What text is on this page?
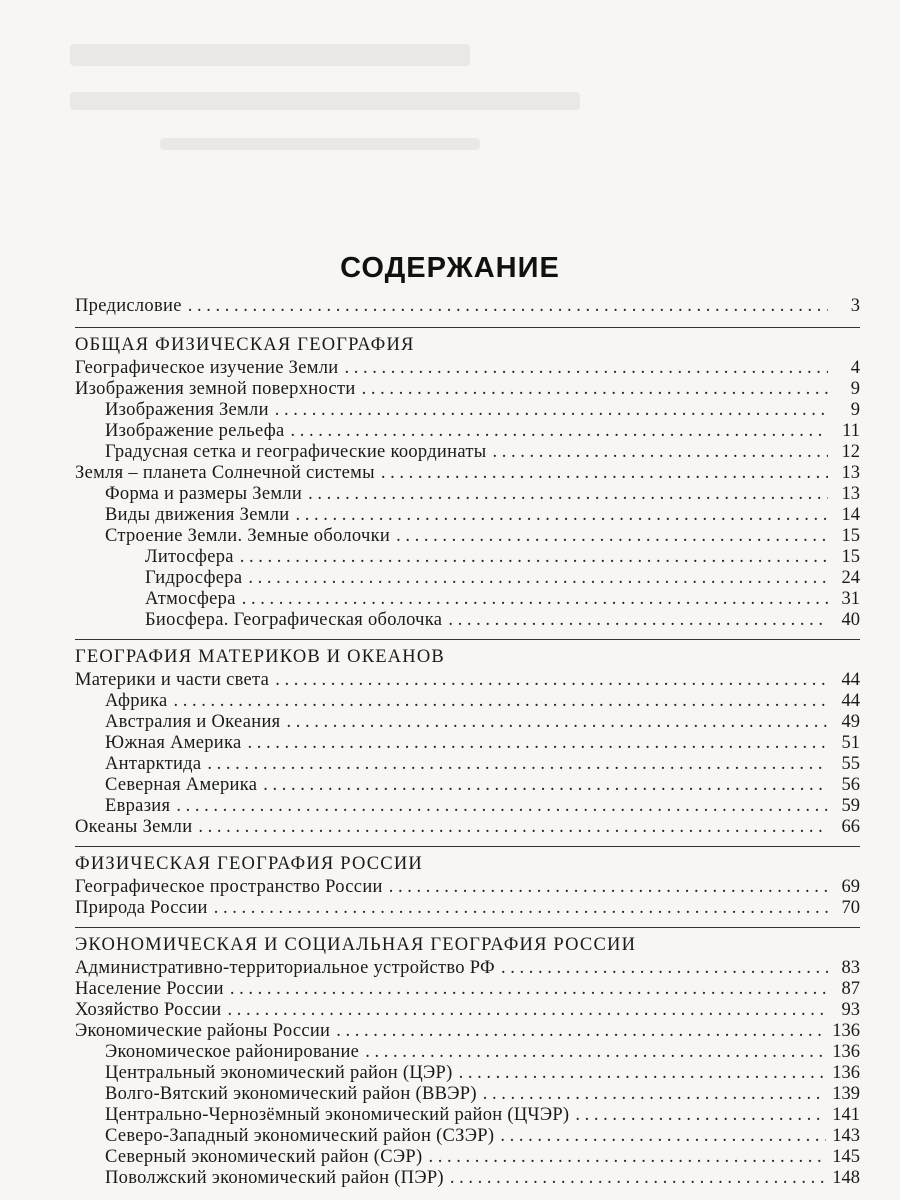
СОДЕРЖАНИЕ
Предисловие . . .	3
ОБЩАЯ ФИЗИЧЕСКАЯ ГЕОГРАФИЯ
Географическое изучение Земли . . .	4
Изображения земной поверхности . . .	9
Изображения Земли . . .	9
Изображение рельефа . . .	11
Градусная сетка и географические координаты . . .	12
Земля – планета Солнечной системы . . .	13
Форма и размеры Земли . . .	13
Виды движения Земли . . .	14
Строение Земли. Земные оболочки . . .	15
Литосфера . . .	15
Гидросфера . . .	24
Атмосфера . . .	31
Биосфера. Географическая оболочка . . .	40
ГЕОГРАФИЯ МАТЕРИКОВ И ОКЕАНОВ
Материки и части света . . .	44
Африка . . .	44
Австралия и Океания . . .	49
Южная Америка . . .	51
Антарктида . . .	55
Северная Америка . . .	56
Евразия . . .	59
Океаны Земли . . .	66
ФИЗИЧЕСКАЯ ГЕОГРАФИЯ РОССИИ
Географическое пространство России . . .	69
Природа России . . .	70
ЭКОНОМИЧЕСКАЯ И СОЦИАЛЬНАЯ ГЕОГРАФИЯ РОССИИ
Административно-территориальное устройство РФ . . .	83
Население России . . .	87
Хозяйство России . . .	93
Экономические районы России . . .	136
Экономическое районирование . . .	136
Центральный экономический район (ЦЭР) . . .	136
Волго-Вятский экономический район (ВВЭР) . . .	139
Центрально-Чернозёмный экономический район (ЦЧЭР) . . .	141
Северо-Западный экономический район (СЗЭР) . . .	143
Северный экономический район (СЭР) . . .	145
Поволжский экономический район (ПЭР) . . .	148
